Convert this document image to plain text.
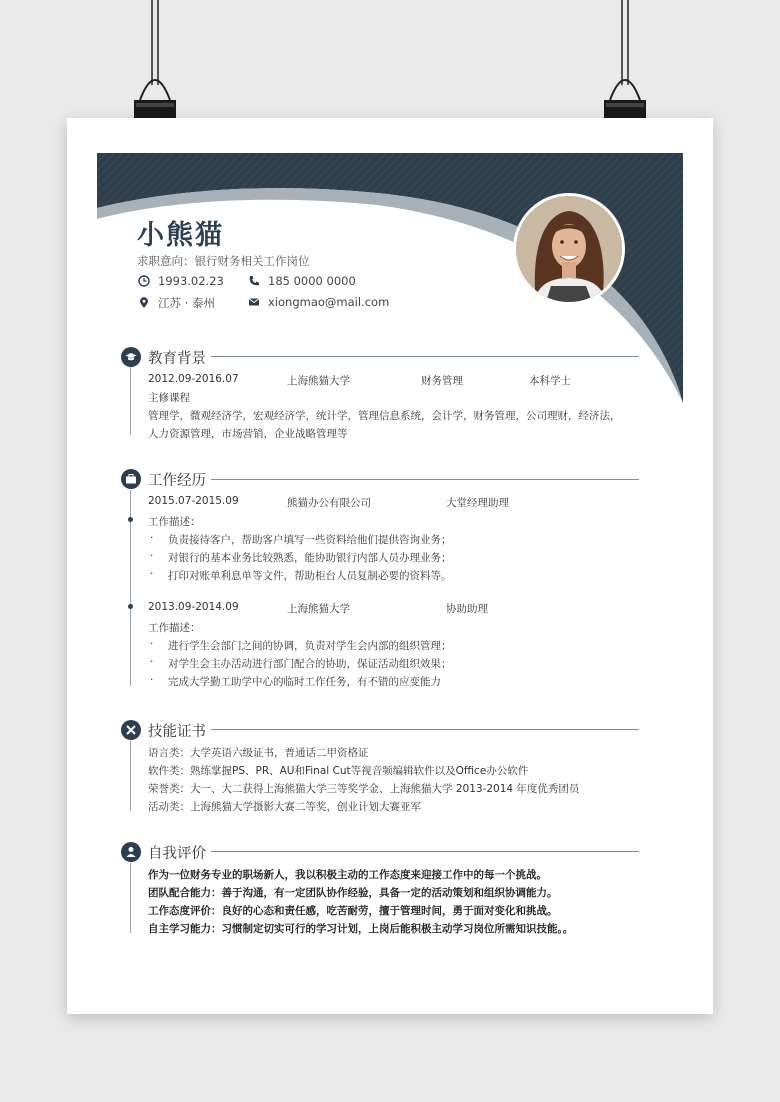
小熊猫
求职意向：银行财务相关工作岗位
1993.02.23	185 0000 0000
江苏 · 泰州	xiongmao@mail.com
教育背景
2012.09-2016.07	上海熊猫大学	财务管理	本科学士
主修课程
管理学，微观经济学，宏观经济学，统计学，管理信息系统，会计学，财务管理，公司理财，经济法，
人力资源管理，市场营销，企业战略管理等
工作经历
2015.07-2015.09	熊猫办公有限公司	大堂经理助理
工作描述：
· 负责接待客户，帮助客户填写一些资料给他们提供咨询业务；
· 对银行的基本业务比较熟悉，能协助银行内部人员办理业务；
· 打印对账单利息单等文件，帮助柜台人员复制必要的资料等。
2013.09-2014.09	上海熊猫大学	协助助理
工作描述：
· 进行学生会部门之间的协调，负责对学生会内部的组织管理；
· 对学生会主办活动进行部门配合的协助，保证活动组织效果；
· 完成大学勤工助学中心的临时工作任务，有不错的应变能力
技能证书
语言类：大学英语六级证书，普通话二甲资格证
软件类：熟练掌握PS、PR、AU和Final Cut等视音频编辑软件以及Office办公软件
荣誉类：大一、大二获得上海熊猫大学三等奖学金、上海熊猫大学 2013-2014 年度优秀团员
活动类：上海熊猫大学摄影大赛二等奖，创业计划大赛亚军
自我评价
作为一位财务专业的职场新人，我以积极主动的工作态度来迎接工作中的每一个挑战。
团队配合能力：善于沟通，有一定团队协作经验，具备一定的活动策划和组织协调能力。
工作态度评价：良好的心态和责任感，吃苦耐劳，擅于管理时间，勇于面对变化和挑战。
自主学习能力：习惯制定切实可行的学习计划，上岗后能积极主动学习岗位所需知识技能。。
